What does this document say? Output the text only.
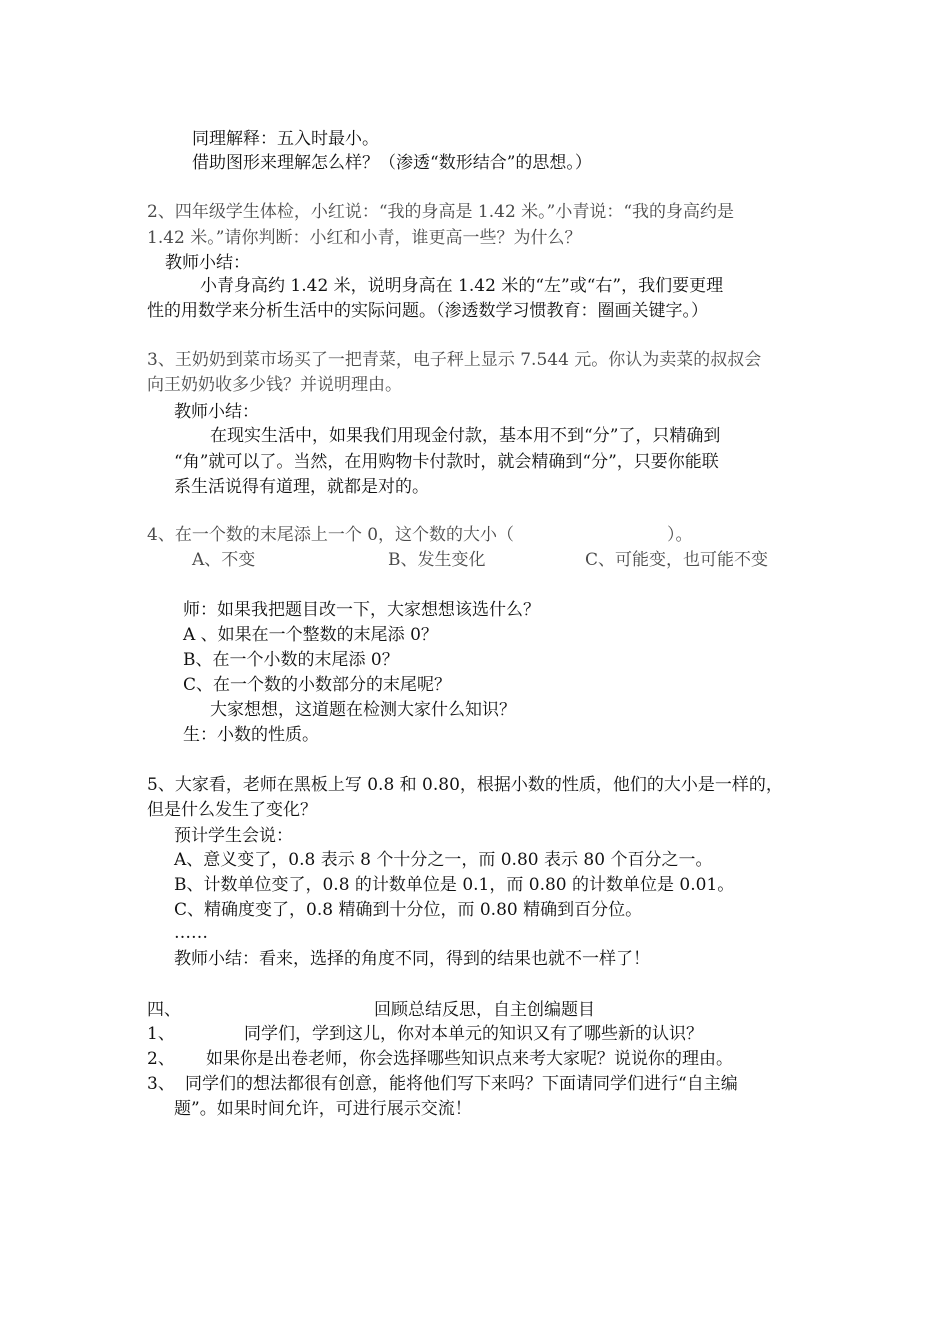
同理解释：五入时最小。
借助图形来理解怎么样？（渗透“数形结合”的思想。）
2、四年级学生体检，小红说：“我的身高是 1.42 米。”小青说：“我的身高约是
1.42 米。”请你判断：小红和小青，谁更高一些？为什么？
教师小结：
小青身高约 1.42 米，说明身高在 1.42 米的“左”或“右”，我们要更理
性的用数学来分析生活中的实际问题。（渗透数学习惯教育：圈画关键字。）
3、王奶奶到菜市场买了一把青菜，电子秤上显示 7.544 元。你认为卖菜的叔叔会
向王奶奶收多少钱？并说明理由。
教师小结：
在现实生活中，如果我们用现金付款，基本用不到“分”了，只精确到
“角”就可以了。当然，在用购物卡付款时，就会精确到“分”，只要你能联
系生活说得有道理，就都是对的。
4、在一个数的末尾添上一个 0，这个数的大小（	）。
A、不变	B、发生变化	C、可能变，也可能不变
师：如果我把题目改一下，大家想想该选什么？
A 、如果在一个整数的末尾添 0？
B、在一个小数的末尾添 0？
C、在一个数的小数部分的末尾呢？
大家想想，这道题在检测大家什么知识？
生：小数的性质。
5、大家看，老师在黑板上写 0.8 和 0.80，根据小数的性质，他们的大小是一样的，
但是什么发生了变化？
预计学生会说：
A、意义变了，0.8 表示 8 个十分之一，而 0.80 表示 80 个百分之一。
B、计数单位变了，0.8 的计数单位是 0.1，而 0.80 的计数单位是 0.01。
C、精确度变了，0.8 精确到十分位，而 0.80 精确到百分位。
……
教师小结：看来，选择的角度不同，得到的结果也就不一样了！
四、	回顾总结反思，自主创编题目
1、	同学们，学到这儿，你对本单元的知识又有了哪些新的认识？
2、 如果你是出卷老师，你会选择哪些知识点来考大家呢？说说你的理由。
3、 同学们的想法都很有创意，能将他们写下来吗？下面请同学们进行“自主编
题”。如果时间允许，可进行展示交流！
